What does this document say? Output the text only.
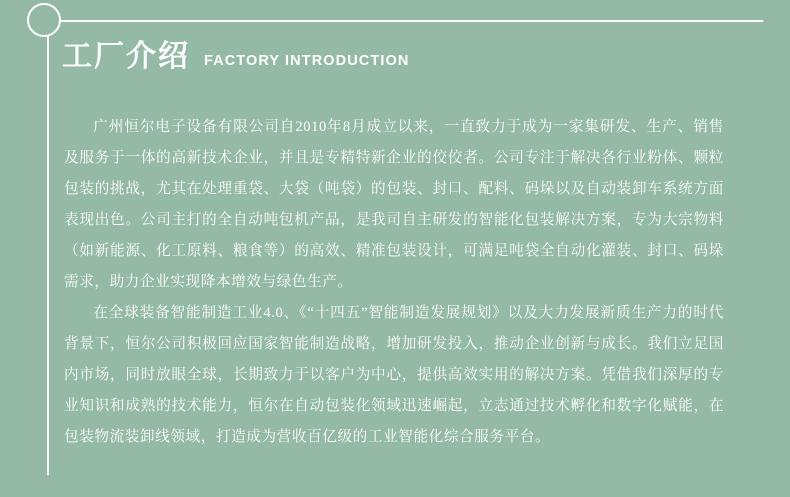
工厂介绍 FACTORY INTRODUCTION

广州恒尔电子设备有限公司自2010年8月成立以来，一直致力于成为一家集研发、生产、销售及服务于一体的高新技术企业，并且是专精特新企业的佼佼者。公司专注于解决各行业粉体、颗粒包装的挑战，尤其在处理重袋、大袋（吨袋）的包装、封口、配料、码垛以及自动装卸车系统方面表现出色。公司主打的全自动吨包机产品，是我司自主研发的智能化包装解决方案，专为大宗物料（如新能源、化工原料、粮食等）的高效、精准包装设计，可满足吨袋全自动化灌装、封口、码垛需求，助力企业实现降本增效与绿色生产。

在全球装备智能制造工业4.0、《“十四五”智能制造发展规划》以及大力发展新质生产力的时代背景下，恒尔公司积极回应国家智能制造战略，增加研发投入，推动企业创新与成长。我们立足国内市场，同时放眼全球，长期致力于以客户为中心，提供高效实用的解决方案。凭借我们深厚的专业知识和成熟的技术能力，恒尔在自动包装化领域迅速崛起，立志通过技术孵化和数字化赋能，在包装物流装卸线领域，打造成为营收百亿级的工业智能化综合服务平台。
